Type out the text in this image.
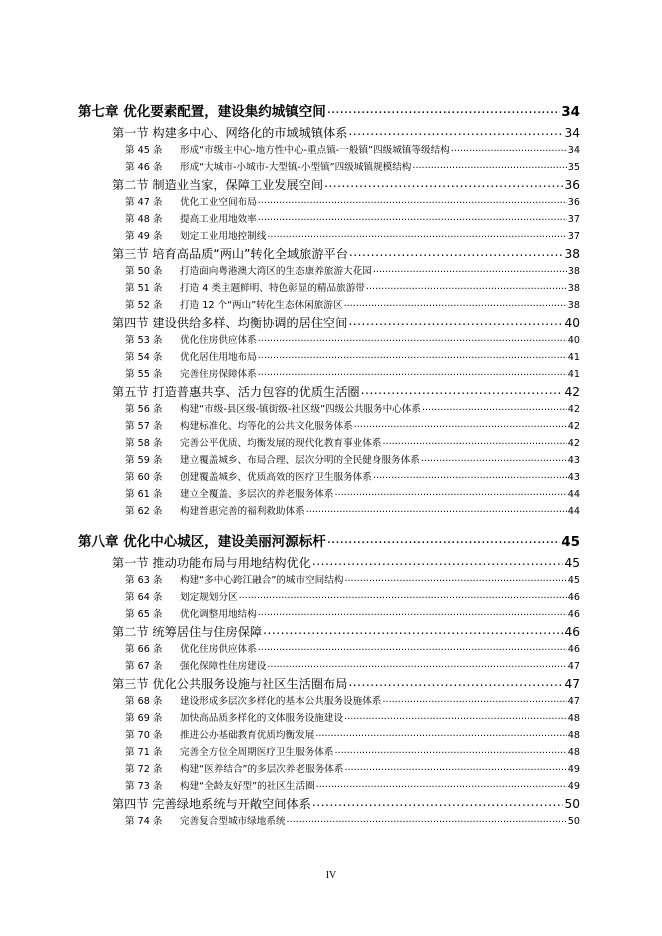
第七章 优化要素配置，建设集约城镇空间 .....	34
第一节 构建多中心、网络化的市域城镇体系 .....	34
第 45 条	形成“市级主中心-地方性中心-重点镇-一般镇”四级城镇等级结构 .....	34
第 46 条	形成“大城市-小城市-大型镇-小型镇”四级城镇规模结构 .....	35
第二节 制造业当家，保障工业发展空间 .....	36
第 47 条	优化工业空间布局 .....	36
第 48 条	提高工业用地效率 .....	37
第 49 条	划定工业用地控制线 .....	37
第三节 培育高品质“两山”转化全域旅游平台 .....	38
第 50 条	打造面向粤港澳大湾区的生态康养旅游大花园 .....	38
第 51 条	打造 4 类主题鲜明、特色彰显的精品旅游带 .....	38
第 52 条	打造 12 个“两山”转化生态休闲旅游区 .....	38
第四节 建设供给多样、均衡协调的居住空间 .....	40
第 53 条	优化住房供应体系 .....	40
第 54 条	优化居住用地布局 .....	41
第 55 条	完善住房保障体系 .....	41
第五节 打造普惠共享、活力包容的优质生活圈 .....	42
第 56 条	构建“市级-县区级-镇街级-社区级”四级公共服务中心体系 .....	42
第 57 条	构建标准化、均等化的公共文化服务体系 .....	42
第 58 条	完善公平优质、均衡发展的现代化教育事业体系 .....	42
第 59 条	建立覆盖城乡、布局合理、层次分明的全民健身服务体系 .....	43
第 60 条	创建覆盖城乡、优质高效的医疗卫生服务体系 .....	43
第 61 条	建立全覆盖、多层次的养老服务体系 .....	44
第 62 条	构建普惠完善的福利救助体系 .....	44
第八章 优化中心城区，建设美丽河源标杆 .....	45
第一节 推动功能布局与用地结构优化 .....	45
第 63 条	构建“多中心跨江融合”的城市空间结构 .....	45
第 64 条	划定规划分区 .....	46
第 65 条	优化调整用地结构 .....	46
第二节 统筹居住与住房保障 .....	46
第 66 条	优化住房供应体系 .....	46
第 67 条	强化保障性住房建设 .....	47
第三节 优化公共服务设施与社区生活圈布局 .....	47
第 68 条	建设形成多层次多样化的基本公共服务设施体系 .....	47
第 69 条	加快高品质多样化的文体服务设施建设 .....	48
第 70 条	推进公办基础教育优质均衡发展 .....	48
第 71 条	完善全方位全周期医疗卫生服务体系 .....	48
第 72 条	构建“医养结合”的多层次养老服务体系 .....	49
第 73 条	构建“全龄友好型”的社区生活圈 .....	49
第四节 完善绿地系统与开敞空间体系 .....	50
第 74 条	完善复合型城市绿地系统 .....	50
IV
